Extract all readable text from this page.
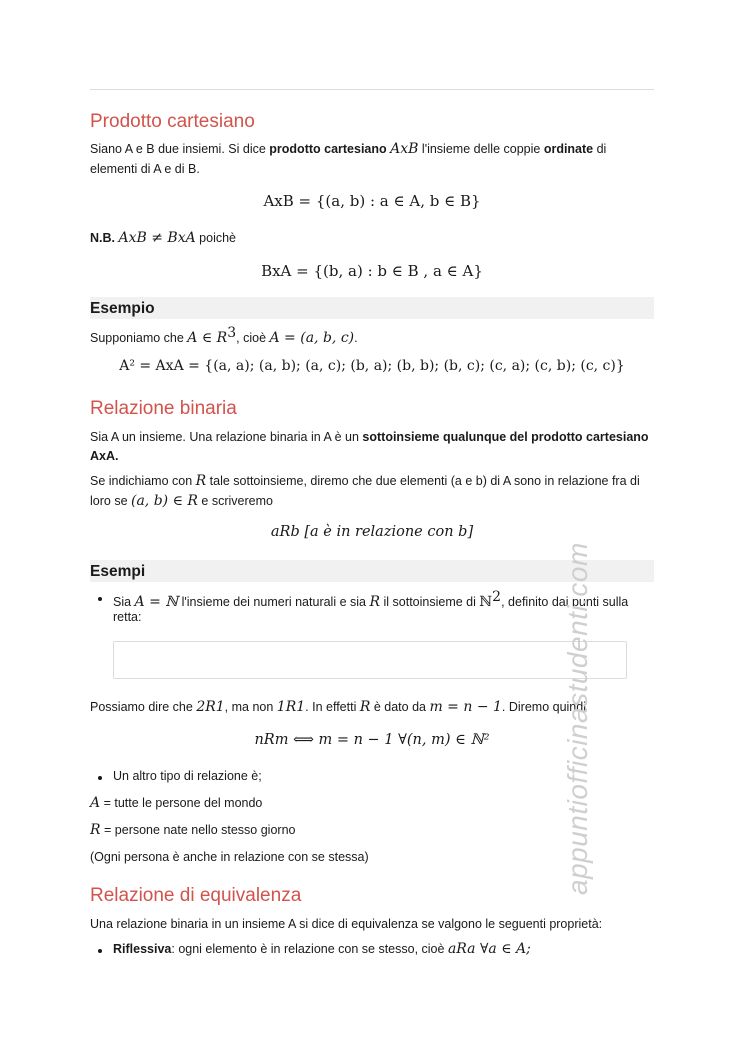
Prodotto cartesiano

Siano A e B due insiemi. Si dice prodotto cartesiano AxB l'insieme delle coppie ordinate di

elementi di A e di B.

AxB = {(a, b) : a ∈ A, b ∈ B}

N.B. AxB ≠ BxA poichè

BxA = {(b, a) : b ∈ B , a ∈ A}
Esempio

Supponiamo che A ∈ $R^3$, cioè A = (a, b, c).

A² = AxA = {(a, a); (a, b); (a, c); (b, a); (b, b); (b, c); (c, a); (c, b); (c, c)}
Relazione binaria

Sia A un insieme. Una relazione binaria in A è un sottoinsieme qualunque del prodotto cartesiano

AxA.

Se indichiamo con R tale sottoinsieme, diremo che due elementi (a e b) di A sono in relazione fra di

loro se (a, b) ∈ R e scriveremo

aRb [a è in relazione con b]
Esempi

Sia A = ℕ l'insieme dei numeri naturali e sia R il sottoinsieme di ℕ$^2$, definito dai punti sulla

retta:

Possiamo dire che 2R1, ma non 1R1. In effetti R è dato da m = n − 1. Diremo quindi

nRm ⟺ m = n − 1 ∀(n, m) ∈ ℕ²

Un altro tipo di relazione è;

A = tutte le persone del mondo

R = persone nate nello stesso giorno

(Ogni persona è anche in relazione con se stessa)

Relazione di equivalenza

Una relazione binaria in un insieme A si dice di equivalenza se valgono le seguenti proprietà:

Riflessiva: ogni elemento è in relazione con se stesso, cioè aRa ∀a ∈ A;

appuntiofficinastudenti.com
